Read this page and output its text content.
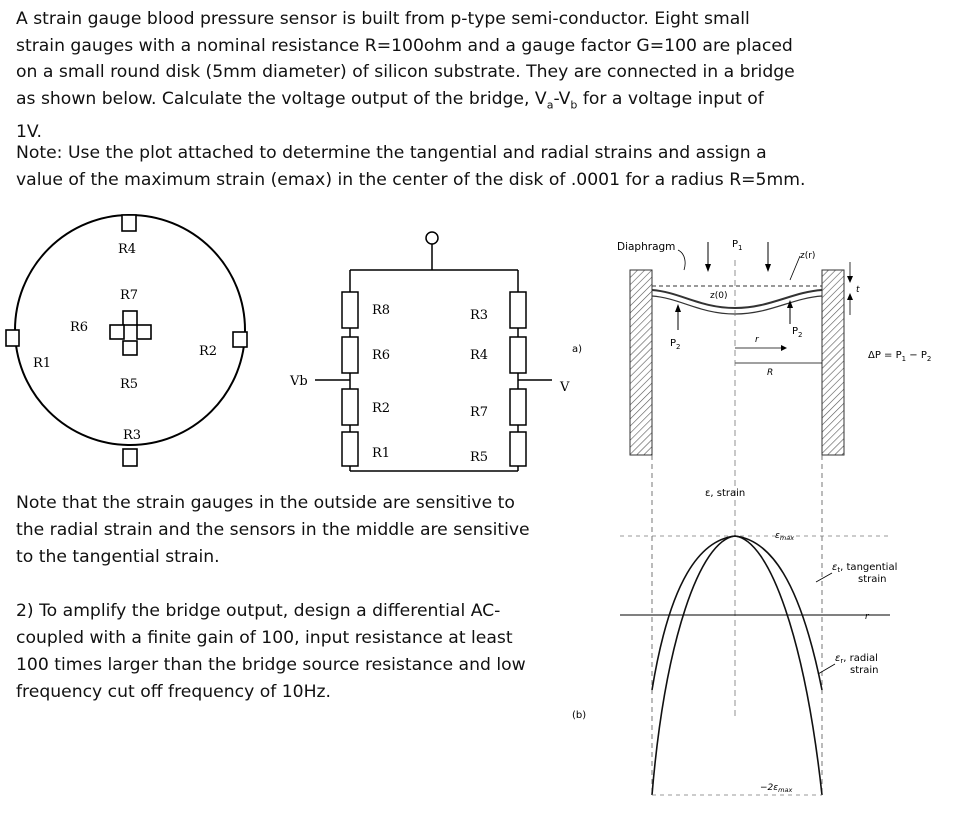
A strain gauge blood pressure sensor is built from p-type semi-conductor. Eight small
strain gauges with a nominal resistance R=100ohm and a gauge factor G=100 are placed
on a small round disk (5mm diameter) of silicon substrate. They are connected in a bridge
as shown below. Calculate the voltage output of the bridge, $V_a-V_b$ for a voltage input of
1V.

Note: Use the plot attached to determine the tangential and radial strains and assign a
value of the maximum strain (emax) in the center of the disk of .0001 for a radius R=5mm.

R4
R7
R6
R2
R1
R5
R3
Vb	V
R8
R6
R2
R1
R3
R4
R7
R5

Note that the strain gauges in the outside are sensitive to
the radial strain and the sensors in the middle are sensitive
to the tangential strain.

2) To amplify the bridge output, design a differential AC-
coupled with a finite gain of 100, input resistance at least
100 times larger than the bridge source resistance and low
frequency cut off frequency of 10Hz.

a)
(b)
Diaphragm	$P_1$
z(r)
z(0)
$P_2$
$P_2$
r
R
t
$\Delta P = P_1 - P_2$
ε, strain
$\varepsilon_{max}$
$\varepsilon_t$, tangential
strain
r
$\varepsilon_r$, radial
strain
$-2\varepsilon_{max}$
